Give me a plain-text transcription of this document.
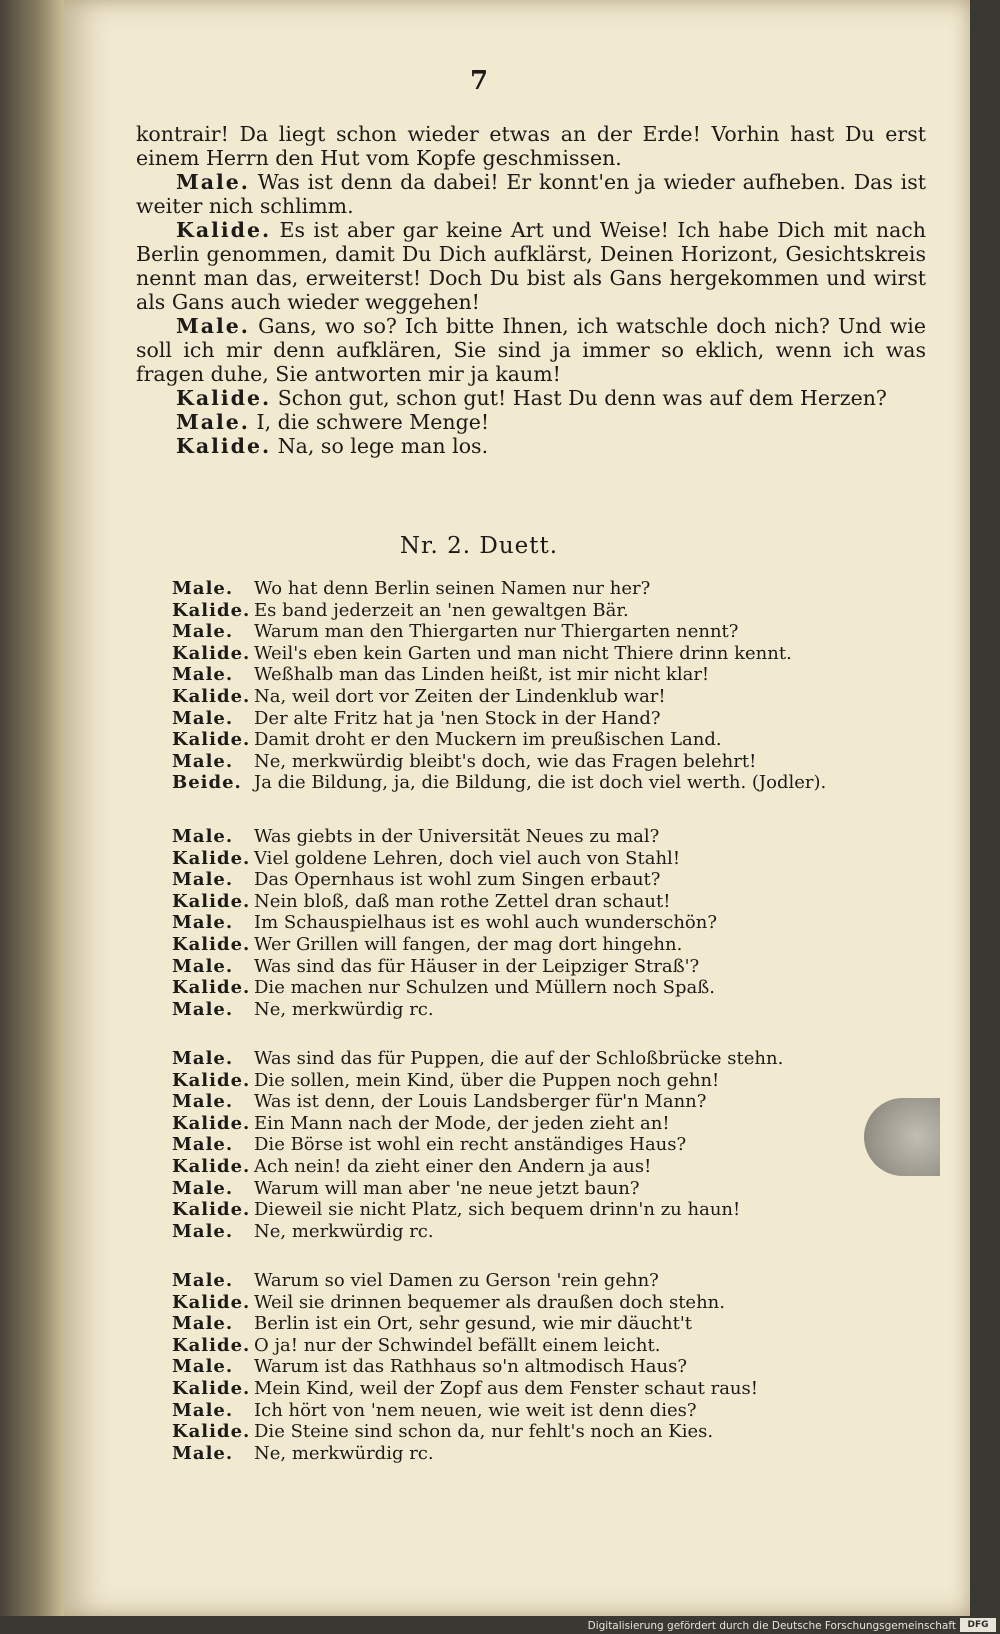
7

kontrair! Da liegt schon wieder etwas an der Erde! Vorhin hast Du erst einem Herrn den Hut vom Kopfe geschmissen.

Male. Was ist denn da dabei! Er konnt'en ja wieder aufheben. Das ist weiter nich schlimm.

Kalide. Es ist aber gar keine Art und Weise! Ich habe Dich mit nach Berlin genommen, damit Du Dich aufklärst, Deinen Horizont, Gesichtskreis nennt man das, erweiterst! Doch Du bist als Gans hergekommen und wirst als Gans auch wieder weggehen!

Male. Gans, wo so? Ich bitte Ihnen, ich watschle doch nich? Und wie soll ich mir denn aufklären, Sie sind ja immer so eklich, wenn ich was fragen duhe, Sie antworten mir ja kaum!

Kalide. Schon gut, schon gut! Hast Du denn was auf dem Herzen?

Male. I, die schwere Menge!

Kalide. Na, so lege man los.

Nr. 2. Duett.
Male.	Wo hat denn Berlin seinen Namen nur her?
Kalide. Es band jederzeit an 'nen gewaltgen Bär.
Male.	Warum man den Thiergarten nur Thiergarten nennt?
Kalide. Weil's eben kein Garten und man nicht Thiere drinn kennt.
Male.	Weßhalb man das Linden heißt, ist mir nicht klar!
Kalide. Na, weil dort vor Zeiten der Lindenklub war!
Male.	Der alte Fritz hat ja 'nen Stock in der Hand?
Kalide. Damit droht er den Muckern im preußischen Land.
Male.	Ne, merkwürdig bleibt's doch, wie das Fragen belehrt!
Beide. Ja die Bildung, ja, die Bildung, die ist doch viel werth. (Jodler).
Male.	Was giebts in der Universität Neues zu mal?
Kalide. Viel goldene Lehren, doch viel auch von Stahl!
Male.	Das Opernhaus ist wohl zum Singen erbaut?
Kalide. Nein bloß, daß man rothe Zettel dran schaut!
Male.	Im Schauspielhaus ist es wohl auch wunderschön?
Kalide. Wer Grillen will fangen, der mag dort hingehn.
Male.	Was sind das für Häuser in der Leipziger Straß'?
Kalide. Die machen nur Schulzen und Müllern noch Spaß.
Male.	Ne, merkwürdig rc.
Male.	Was sind das für Puppen, die auf der Schloßbrücke stehn.
Kalide. Die sollen, mein Kind, über die Puppen noch gehn!
Male.	Was ist denn, der Louis Landsberger für'n Mann?
Kalide. Ein Mann nach der Mode, der jeden zieht an!
Male.	Die Börse ist wohl ein recht anständiges Haus?
Kalide. Ach nein! da zieht einer den Andern ja aus!
Male.	Warum will man aber 'ne neue jetzt baun?
Kalide. Dieweil sie nicht Platz, sich bequem drinn'n zu haun!
Male.	Ne, merkwürdig rc.
Male.	Warum so viel Damen zu Gerson 'rein gehn?
Kalide. Weil sie drinnen bequemer als draußen doch stehn.
Male.	Berlin ist ein Ort, sehr gesund, wie mir däucht't
Kalide. O ja! nur der Schwindel befällt einem leicht.
Male.	Warum ist das Rathhaus so'n altmodisch Haus?
Kalide. Mein Kind, weil der Zopf aus dem Fenster schaut raus!
Male.	Ich hört von 'nem neuen, wie weit ist denn dies?
Kalide. Die Steine sind schon da, nur fehlt's noch an Kies.
Male.	Ne, merkwürdig rc.
Digitalisierung gefördert durch die Deutsche Forschungsgemeinschaft	DFG
